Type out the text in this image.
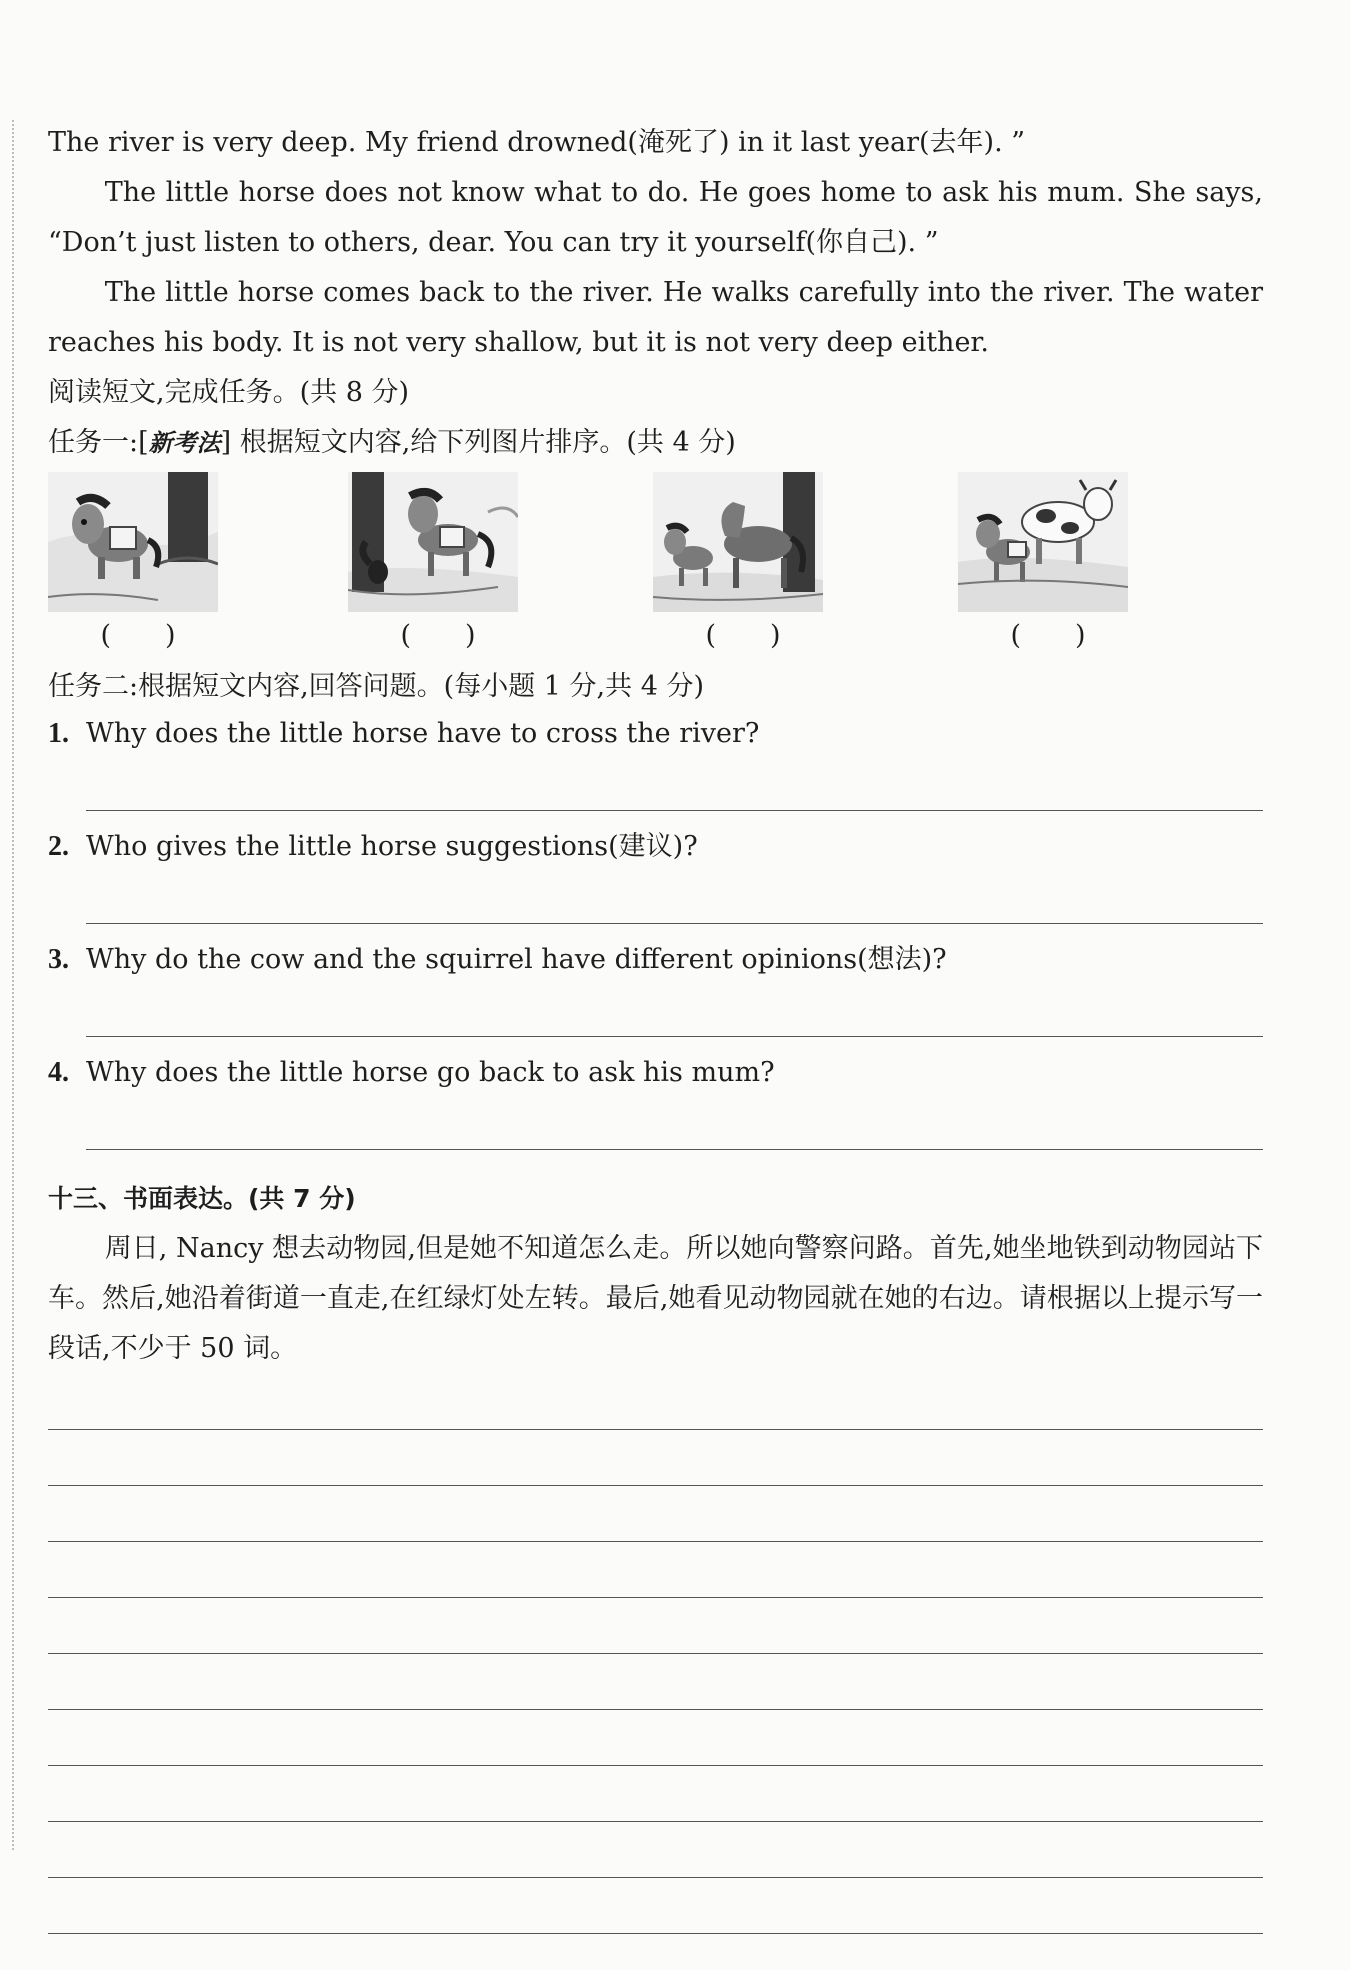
The river is very deep. My friend drowned(淹死了) in it last year(去年). ”

The little horse does not know what to do. He goes home to ask his mum. She says, “Don’t just listen to others, dear. You can try it yourself(你自己). ”

The little horse comes back to the river. He walks carefully into the river. The water reaches his body. It is not very shallow, but it is not very deep either.

阅读短文,完成任务。(共 8 分)

任务一:[新考法] 根据短文内容,给下列图片排序。(共 4 分)

(　　)	(　　)	(　　)	(　　)

任务二:根据短文内容,回答问题。(每小题 1 分,共 4 分)

1. Why does the little horse have to cross the river?

2. Who gives the little horse suggestions(建议)?

3. Why do the cow and the squirrel have different opinions(想法)?

4. Why does the little horse go back to ask his mum?

十三、书面表达。(共 7 分)

周日, Nancy 想去动物园,但是她不知道怎么走。所以她向警察问路。首先,她坐地铁到动物园站下车。然后,她沿着街道一直走,在红绿灯处左转。最后,她看见动物园就在她的右边。请根据以上提示写一段话,不少于 50 词。
